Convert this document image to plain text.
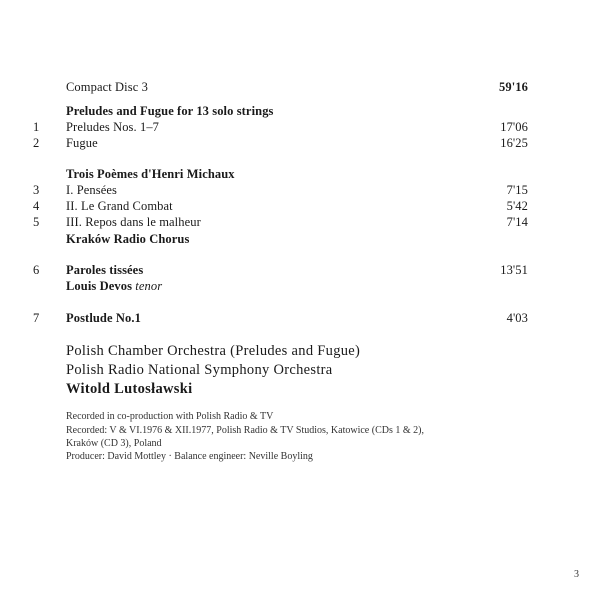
Compact Disc 3	59'16
Preludes and Fugue for 13 solo strings
1	Preludes Nos. 1–7	17'06
2	Fugue	16'25
Trois Poèmes d'Henri Michaux
3	I. Pensées	7'15
4	II. Le Grand Combat	5'42
5	III. Repos dans le malheur	7'14
Kraków Radio Chorus
6	Paroles tissées	13'51
Louis Devos tenor
7	Postlude No.1	4'03
Polish Chamber Orchestra (Preludes and Fugue)
Polish Radio National Symphony Orchestra
Witold Lutosławski
Recorded in co-production with Polish Radio & TV
Recorded: V & VI.1976 & XII.1977, Polish Radio & TV Studios, Katowice (CDs 1 & 2),
Kraków (CD 3), Poland
Producer: David Mottley · Balance engineer: Neville Boyling
3
